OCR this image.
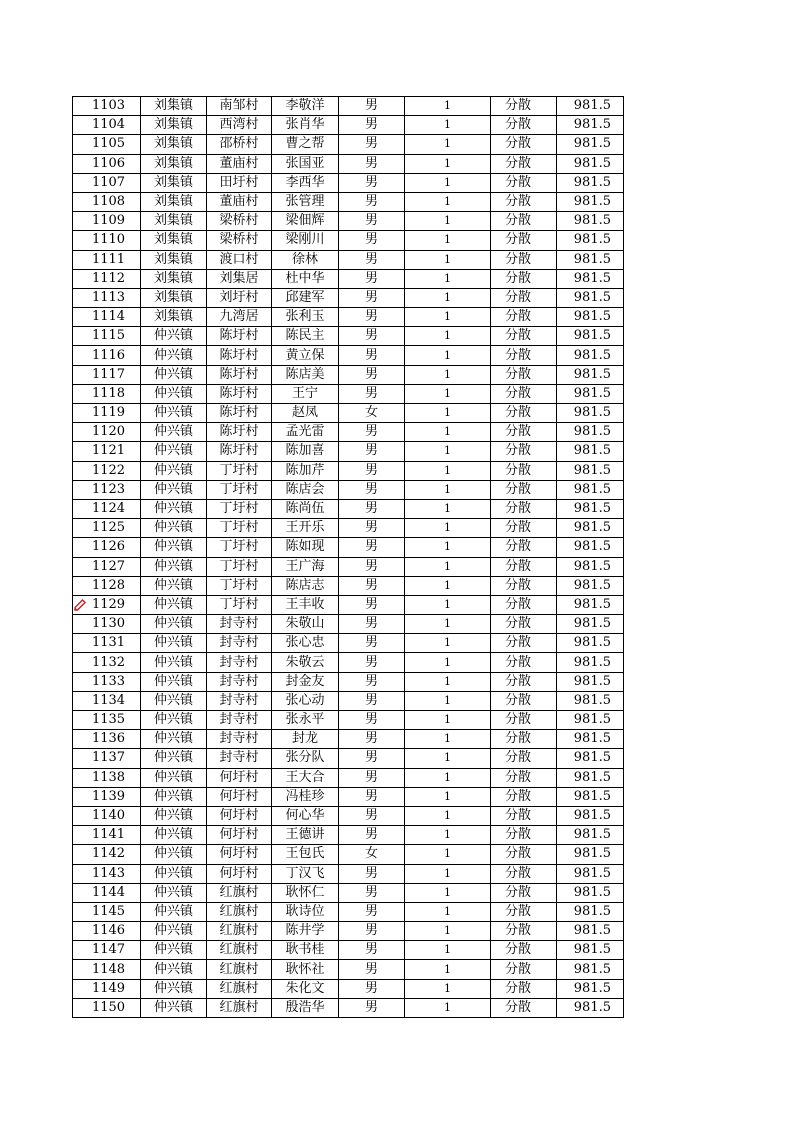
1103	刘集镇	南邹村	李敬洋	男	1	分散	981.5
1104	刘集镇	西湾村	张肖华	男	1	分散	981.5
1105	刘集镇	邵桥村	曹之帮	男	1	分散	981.5
1106	刘集镇	董庙村	张国亚	男	1	分散	981.5
1107	刘集镇	田圩村	李西华	男	1	分散	981.5
1108	刘集镇	董庙村	张管理	男	1	分散	981.5
1109	刘集镇	梁桥村	梁佃辉	男	1	分散	981.5
1110	刘集镇	梁桥村	梁刚川	男	1	分散	981.5
1111	刘集镇	渡口村	徐林	男	1	分散	981.5
1112	刘集镇	刘集居	杜中华	男	1	分散	981.5
1113	刘集镇	刘圩村	邱建军	男	1	分散	981.5
1114	刘集镇	九湾居	张利玉	男	1	分散	981.5
1115	仲兴镇	陈圩村	陈民主	男	1	分散	981.5
1116	仲兴镇	陈圩村	黄立保	男	1	分散	981.5
1117	仲兴镇	陈圩村	陈店美	男	1	分散	981.5
1118	仲兴镇	陈圩村	王宁	男	1	分散	981.5
1119	仲兴镇	陈圩村	赵凤	女	1	分散	981.5
1120	仲兴镇	陈圩村	孟光雷	男	1	分散	981.5
1121	仲兴镇	陈圩村	陈加喜	男	1	分散	981.5
1122	仲兴镇	丁圩村	陈加芹	男	1	分散	981.5
1123	仲兴镇	丁圩村	陈店会	男	1	分散	981.5
1124	仲兴镇	丁圩村	陈尚伍	男	1	分散	981.5
1125	仲兴镇	丁圩村	王开乐	男	1	分散	981.5
1126	仲兴镇	丁圩村	陈如现	男	1	分散	981.5
1127	仲兴镇	丁圩村	王广海	男	1	分散	981.5
1128	仲兴镇	丁圩村	陈店志	男	1	分散	981.5
1129	仲兴镇	丁圩村	王丰收	男	1	分散	981.5
1130	仲兴镇	封寺村	朱敬山	男	1	分散	981.5
1131	仲兴镇	封寺村	张心忠	男	1	分散	981.5
1132	仲兴镇	封寺村	朱敬云	男	1	分散	981.5
1133	仲兴镇	封寺村	封金友	男	1	分散	981.5
1134	仲兴镇	封寺村	张心动	男	1	分散	981.5
1135	仲兴镇	封寺村	张永平	男	1	分散	981.5
1136	仲兴镇	封寺村	封龙	男	1	分散	981.5
1137	仲兴镇	封寺村	张分队	男	1	分散	981.5
1138	仲兴镇	何圩村	王大合	男	1	分散	981.5
1139	仲兴镇	何圩村	冯桂珍	男	1	分散	981.5
1140	仲兴镇	何圩村	何心华	男	1	分散	981.5
1141	仲兴镇	何圩村	王德讲	男	1	分散	981.5
1142	仲兴镇	何圩村	王包氏	女	1	分散	981.5
1143	仲兴镇	何圩村	丁汉飞	男	1	分散	981.5
1144	仲兴镇	红旗村	耿怀仁	男	1	分散	981.5
1145	仲兴镇	红旗村	耿诗位	男	1	分散	981.5
1146	仲兴镇	红旗村	陈井学	男	1	分散	981.5
1147	仲兴镇	红旗村	耿书桂	男	1	分散	981.5
1148	仲兴镇	红旗村	耿怀社	男	1	分散	981.5
1149	仲兴镇	红旗村	朱化文	男	1	分散	981.5
1150	仲兴镇	红旗村	殷浩华	男	1	分散	981.5
